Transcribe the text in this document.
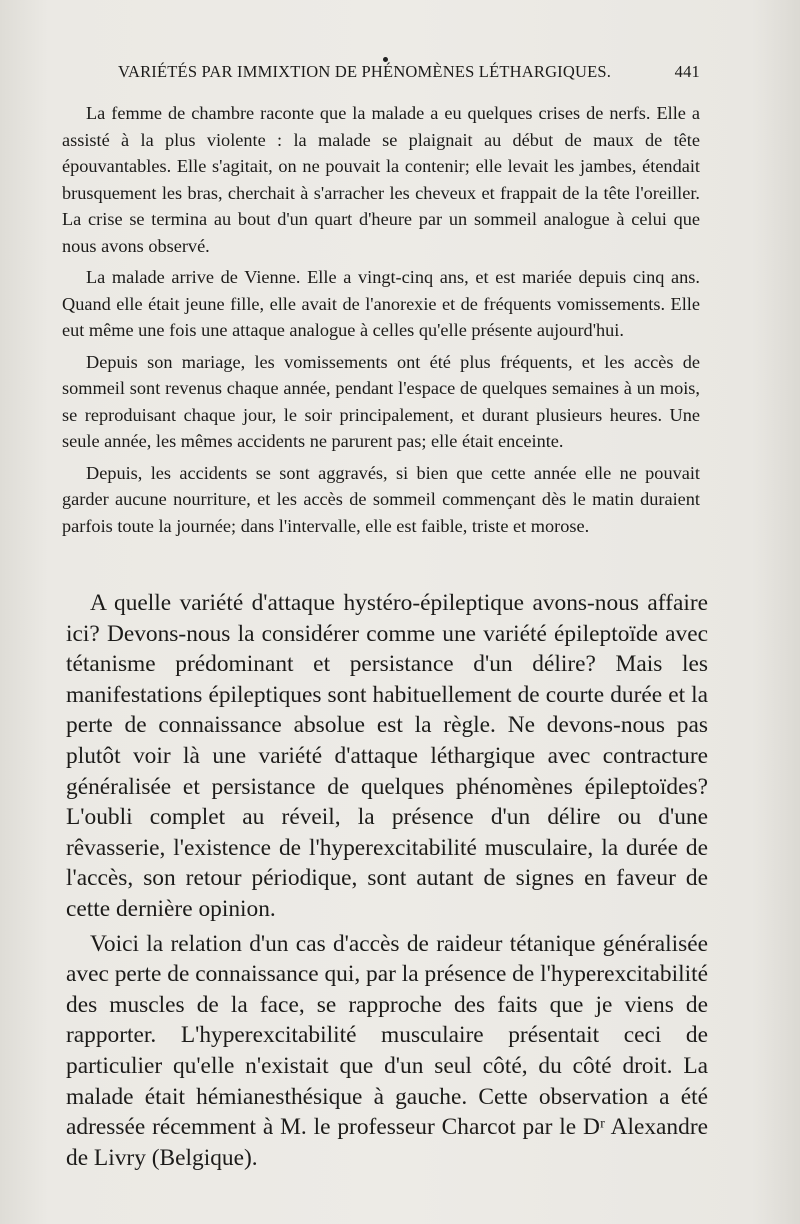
VARIÉTÉS PAR IMMIXTION DE PHÉNOMÈNES LÉTHARGIQUES.	441

La femme de chambre raconte que la malade a eu quelques crises de nerfs. Elle a assisté à la plus violente : la malade se plaignait au début de maux de tête épouvantables. Elle s'agitait, on ne pouvait la contenir; elle levait les jambes, étendait brusquement les bras, cherchait à s'arracher les cheveux et frappait de la tête l'oreiller. La crise se termina au bout d'un quart d'heure par un sommeil analogue à celui que nous avons observé.

La malade arrive de Vienne. Elle a vingt-cinq ans, et est mariée depuis cinq ans. Quand elle était jeune fille, elle avait de l'anorexie et de fréquents vomissements. Elle eut même une fois une attaque analogue à celles qu'elle présente aujourd'hui.

Depuis son mariage, les vomissements ont été plus fréquents, et les accès de sommeil sont revenus chaque année, pendant l'espace de quelques semaines à un mois, se reproduisant chaque jour, le soir principalement, et durant plusieurs heures. Une seule année, les mêmes accidents ne parurent pas; elle était enceinte.

Depuis, les accidents se sont aggravés, si bien que cette année elle ne pouvait garder aucune nourriture, et les accès de sommeil commençant dès le matin duraient parfois toute la journée; dans l'intervalle, elle est faible, triste et morose.

A quelle variété d'attaque hystéro-épileptique avons-nous affaire ici? Devons-nous la considérer comme une variété épileptoïde avec tétanisme prédominant et persistance d'un délire? Mais les manifestations épileptiques sont habituellement de courte durée et la perte de connaissance absolue est la règle. Ne devons-nous pas plutôt voir là une variété d'attaque léthargique avec contracture généralisée et persistance de quelques phénomènes épileptoïdes? L'oubli complet au réveil, la présence d'un délire ou d'une rêvasserie, l'existence de l'hyperexcitabilité musculaire, la durée de l'accès, son retour périodique, sont autant de signes en faveur de cette dernière opinion.

Voici la relation d'un cas d'accès de raideur tétanique généralisée avec perte de connaissance qui, par la présence de l'hyperexcitabilité des muscles de la face, se rapproche des faits que je viens de rapporter. L'hyperexcitabilité musculaire présentait ceci de particulier qu'elle n'existait que d'un seul côté, du côté droit. La malade était hémianesthésique à gauche. Cette observation a été adressée récemment à M. le professeur Charcot par le Dʳ Alexandre de Livry (Belgique).
